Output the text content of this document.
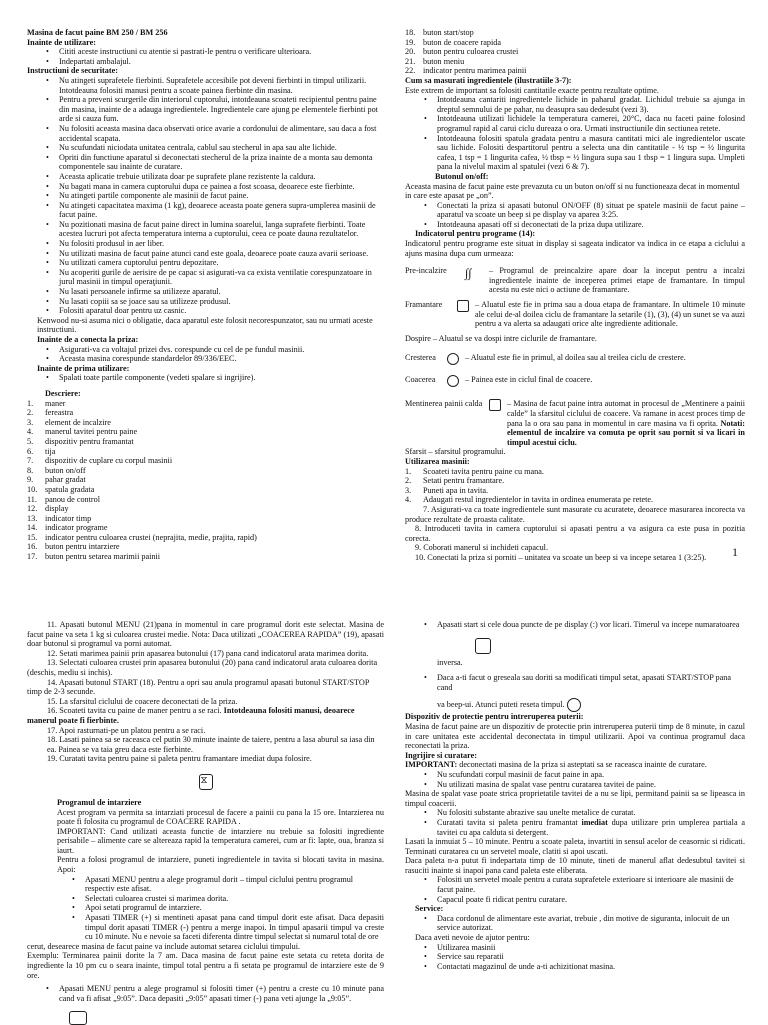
Masina de facut paine BM 250 / BM 256
Inainte de utilizare:
• Cititi aceste instructiuni cu atentie si pastrati-le pentru o verificare ulterioara.
• Indepartati ambalajul.
Instructiuni de securitate:
• Nu atingeti suprafetele fierbinti. Suprafetele accesibile pot deveni fierbinti in timpul utilizarii. Intotdeauna folositi manusi pentru a scoate painea fierbinte din masina.
• Pentru a preveni scurgerile din interiorul cuptorului, intotdeauna scoateti recipientul pentru paine din masina, inainte de a adauga ingredientele. Ingredientele care ajung pe elementele fierbinti pot arde si cauza fum.
• Nu folositi aceasta masina daca observati orice avarie a cordonului de alimentare, sau daca a fost accidental scapata.
• Nu scufundati niciodata unitatea centrala, cablul sau stecherul in apa sau alte lichide.
• Opriti din functiune aparatul si deconectati stecherul de la priza inainte de a monta sau demonta componentele sau inainte de curatare.
• Aceasta aplicatie trebuie utilizata doar pe suprafete plane rezistente la caldura.
• Nu bagati mana in camera cuptorului dupa ce painea a fost scoasa, deoarece este fierbinte.
• Nu atingeti partile componente ale masinii de facut paine.
• Nu atingeti capacitatea maxima (1 kg), deoarece aceasta poate genera supra-umplerea masinii de facut paine.
• Nu pozitionati masina de facut paine direct in lumina soarelui, langa suprafete fierbinti. Toate acestea lucruri pot afecta temperatura interna a cuptorului, ceea ce poate dauna rezultatelor.
• Nu folositi produsul in aer liber.
• Nu utilizati masina de facut paine atunci cand este goala, deoarece poate cauza avarii serioase.
• Nu utilizati camera cuptorului pentru depozitare.
• Nu acoperiti gurile de aerisire de pe capac si asigurati-va ca exista ventilatie corespunzatoare in jurul masinii in timpul operaţiunii.
• Nu lasati persoanele infirme sa utilizeze aparatul.
• Nu lasati copiii sa se joace sau sa utilizeze produsul.
• Folositi aparatul doar pentru uz casnic.
Kenwood nu-si asuma nici o obligatie, daca aparatul este folosit necorespunzator, sau nu urmati aceste instructiuni.
Inainte de a conecta la priza:
• Asigurati-va ca voltajul prizei dvs. corespunde cu cel de pe fundul masinii.
• Aceasta masina corespunde standardelor 89/336/EEC.
Inainte de prima utilizare:
• Spalati toate partile componente (vedeti spalare si ingrijire).
Descriere:
1. maner
2. fereastra
3. element de incalzire
4. manerul tavitei pentru paine
5. dispozitiv pentru framantat
6. tija
7. dispozitiv de cuplare cu corpul masinii
8. buton on/off
9. pahar gradat
10. spatula gradata
11. panou de control
12. display
13. indicator timp
14. indicator programe
15. indicator pentru culoarea crustei (neprajita, medie, prajita, rapid)
16. buton pentru intarziere
17. buton pentru setarea marimii painii
18. buton start/stop
19. buton de coacere rapida
20. buton pentru culoarea crustei
21. buton meniu
22. indicator pentru marimea painii
Cum sa masurati ingredientele (ilustratiile 3-7):
Este extrem de important sa folositi cantitatile exacte pentru rezultate optime.
• Intotdeauna cantariti ingredientele lichide in paharul gradat. Lichidul trebuie sa ajunga in dreptul semnului de pe pahar, nu deasupra sau dedesubt (vezi 3).
• Intotdeauna utilizati lichidele la temperatura camerei, 20°C, daca nu faceti paine folosind programul rapid al carui ciclu dureaza o ora. Urmati instructiunile din sectiunea retete.
• Intotdeauna folositi spatula gradata pentru a masura cantitati mici ale ingredientelor uscate sau lichide. Folositi despartitorul pentru a selecta una din cantitatile - ½ tsp = ½ lingurita cafea, 1 tsp = 1 lingurita cafea, ½ tbsp = ½ lingura supa sau 1 tbsp = 1 lingura supa. Umpleti pana la nivelul maxim al spatulei (vezi 6 & 7).
Butonul on/off:
Aceasta masina de facut paine este prevazuta cu un buton on/off si nu functioneaza decat in momentul in care este apasat pe „on”.
• Conectati la priza si apasati butonul ON/OFF (8) situat pe spatele masinii de facut paine – aparatul va scoate un beep si pe display va aparea 3:25.
• Intotdeauna apasati off si deconectati de la priza dupa utilizare.
Indicatorul pentru programe (14):
Indicatorul pentru programe este situat in display si sageata indicator va indica in ce etapa a ciclului a ajuns masina dupa cum urmeaza:
Pre-incalzire	∫∫	– Programul de preincalzire apare doar la inceput pentru a incalzi ingredientele inainte de inceperea primei etape de framantare. In timpul acesta nu este nici o actiune de framantare.
Framantare	– Aluatul este fie in prima sau a doua etapa de framantare. In ultimele 10 minute ale celui de-al doilea ciclu de framantare la setarile (1), (3), (4) un sunet se va auzi pentru a va alerta sa adaugati orice alte ingrediente aditionale.
Dospire – Aluatul se va dospi intre ciclurile de framantare.
Cresterea	– Aluatul este fie in primul, al doilea sau al treilea ciclu de crestere.
Coacerea	– Painea este in ciclul final de coacere.
Mentinerea painii calda	– Masina de facut paine intra automat in procesul de „Mentinere a painii calde” la sfarsitul ciclului de coacere. Va ramane in acest proces timp de pana la o ora sau pana in momentul in care masina va fi oprita. Notati: elementul de incalzire va comuta pe oprit sau pornit si va licari in timpul acestui ciclu.
Sfarsit – sfarsitul programului.
Utilizarea masinii:
1. Scoateti tavita pentru paine cu mana.
2. Setati pentru framantare.
3. Puneti apa in tavita.
4. Adaugati restul ingredientelor in tavita in ordinea enumerata pe retete.
7. Asigurati-va ca toate ingredientele sunt masurate cu acuratete, deoarece masurarea incorecta va produce rezultate de proasta calitate.
8. Introduceti tavita in camera cuptorului si apasati pentru a va asigura ca este pusa in pozitia corecta.
9. Coborati manerul si inchideti capacul.
10. Conectati la priza si porniti – unitatea va scoate un beep si va incepe setarea 1 (3:25).	1
11. Apasati butonul MENU (21)pana in momentul in care programul dorit este selectat. Masina de facut paine va seta 1 kg si culoarea crustei medie. Nota: Daca utilizati „COACEREA RAPIDA” (19), apasati doar butonul si programul va porni automat.
12. Setati marimea painii prin apasarea butonului (17) pana cand indicatorul arata marimea dorita.
13. Selectati culoarea crustei prin apasarea butonului (20) pana cand indicatorul arata culoarea dorita (deschis, mediu si inchis).
14. Apasati butonul START (18). Pentru a opri sau anula programul apasati butonul START/STOP timp de 2-3 secunde.
15. La sfarsitul ciclului de coacere deconectati de la priza.
16. Scoateti tavita cu paine de maner pentru a se raci. Intotdeauna folositi manusi, deoarece manerul poate fi fierbinte.
17. Apoi rasturnati-pe un platou pentru a se raci.
18. Lasati painea sa se raceasca cel putin 30 minute inainte de taiere, pentru a lasa aburul sa iasa din ea. Painea se va taia greu daca este fierbinte.
19. Curatati tavita pentru paine si paleta pentru framantare imediat dupa folosire.
⧖
Programul de intarziere
Acest program va permita sa intarziati procesul de facere a painii cu pana la 15 ore. Intarzierea nu poate fi folosita cu programul de COACERE RAPIDA .
IMPORTANT: Cand utilizati aceasta functie de intarziere nu trebuie sa folositi ingrediente perisabile – alimente care se altereaza rapid la temperatura camerei, cum ar fi: lapte, oua, branza si iaurt.
Pentru a folosi programul de intarziere, puneti ingredientele in tavita si blocati tavita in masina. Apoi:
• Apasati MENU pentru a alege programul dorit – timpul ciclului pentru programul respectiv este afisat.
• Selectati culoarea crustei si marimea dorita.
• Apoi setati programul de intarziere.
• Apasati TIMER (+) si mentineti apasat pana cand timpul dorit este afisat. Daca depasiti timpul dorit apasati TIMER (-) pentru a merge inapoi. In timpul apasarii timpul va creste cu 10 minute. Nu e nevoie sa faceti diferenta dintre timpul selectat si numarul total de ore
cerut, desearece masina de facut paine va include automat setarea ciclului timpului.
Exemplu: Terminarea painii dorite la 7 am. Daca masina de facut paine este setata cu reteta dorita de ingrediente la 10 pm cu o seara inainte, timpul total pentru a fi setata pe programul de intarziere este de 9 ore.
• Apasati MENU pentru a alege programul si folositi timer (+) pentru a creste cu 10 minute pana cand va fi afisat „9:05”. Daca depasiti „9:05” apasati timer (-) pana veti ajunge la „9:05”.
• Apasati start si cele doua puncte de pe display (:) vor licari. Timerul va incepe numaratoarea
inversa.
• Daca a-ti facut o greseala sau doriti sa modificati timpul setat, apasati START/STOP pana cand
va beep-ui. Atunci puteti reseta timpul.
Dispozitiv de protectie pentru intreruperea puterii:
Masina de facut paine are un dispozitiv de protectie prin intreruperea puterii timp de 8 minute, in cazul in care unitatea este accidental deconectata in timpul utilizarii. Apoi va continua programul daca reconectati la priza.
Ingrijire si curatare:
IMPORTANT: deconectati masina de la priza si asteptati sa se raceasca inainte de curatare.
• Nu scufundati corpul masinii de facut paine in apa.
• Nu utilizati masina de spalat vase pentru curatarea tavitei de paine.
Masina de spalat vase poate strica proprietatile tavitei de a nu se lipi, permitand painii sa se lipeasca in timpul coacerii.
• Nu folositi substante abrazive sau unelte metalice de curatat.
• Curatati tavita si paleta pentru framantat imediat dupa utilizare prin umplerea partiala a tavitei cu apa calduta si detergent.
Lasati la inmuiat 5 – 10 minute. Pentru a scoate paleta, invartiti in sensul acelor de ceasornic si ridicati. Terminati curatarea cu un servetel moale, clatiti si apoi uscati.
Daca paleta n-a putut fi indepartata timp de 10 minute, tineti de manerul aflat dedesubtul tavitei si rasuciti inainte si inapoi pana cand paleta este eliberata.
• Folositi un servetel moale pentru a curata suprafetele exterioare si interioare ale masinii de facut paine.
• Capacul poate fi ridicat pentru curatare.
Service:
• Daca cordonul de alimentare este avariat, trebuie , din motive de siguranta, inlocuit de un service autorizat.
Daca aveti nevoie de ajutor pentru:
• Utilizarea masinii
• Service sau reparatii
• Contactati magazinul de unde a-ti achizitionat masina.
